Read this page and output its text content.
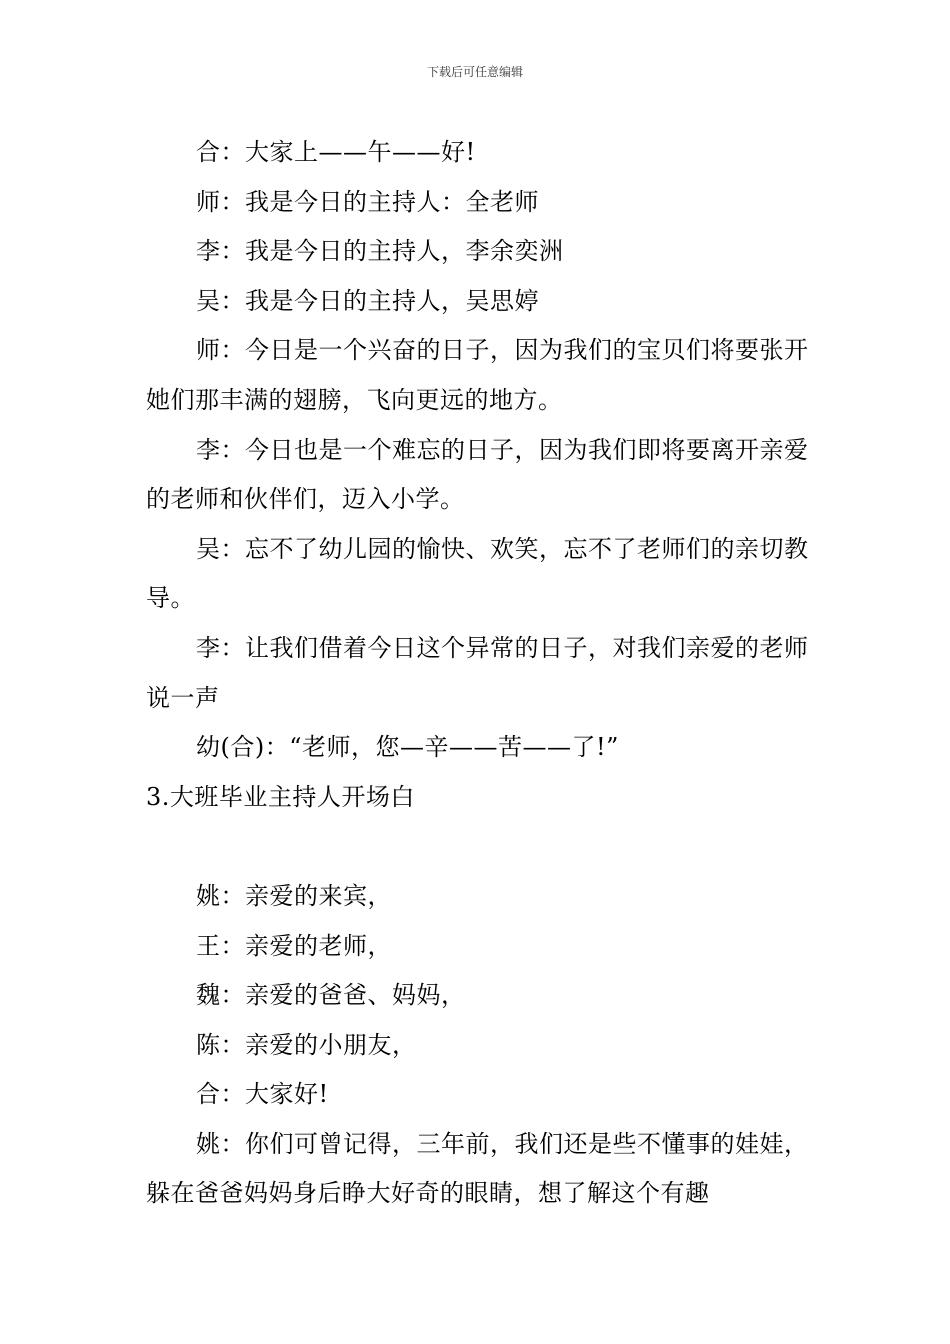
下载后可任意编辑

合：大家上——午——好!

师：我是今日的主持人：全老师

李：我是今日的主持人，李余奕洲

吴：我是今日的主持人，吴思婷

师：今日是一个兴奋的日子，因为我们的宝贝们将要张开她们那丰满的翅膀，飞向更远的地方。

李：今日也是一个难忘的日子，因为我们即将要离开亲爱的老师和伙伴们，迈入小学。

吴：忘不了幼儿园的愉快、欢笑，忘不了老师们的亲切教导。

李：让我们借着今日这个异常的日子，对我们亲爱的老师说一声

幼(合)：“老师，您—辛——苦——了!”

3.大班毕业主持人开场白

姚：亲爱的来宾，

王：亲爱的老师，

魏：亲爱的爸爸、妈妈，

陈：亲爱的小朋友，

合：大家好!

姚：你们可曾记得，三年前，我们还是些不懂事的娃娃，躲在爸爸妈妈身后睁大好奇的眼睛，想了解这个有趣
